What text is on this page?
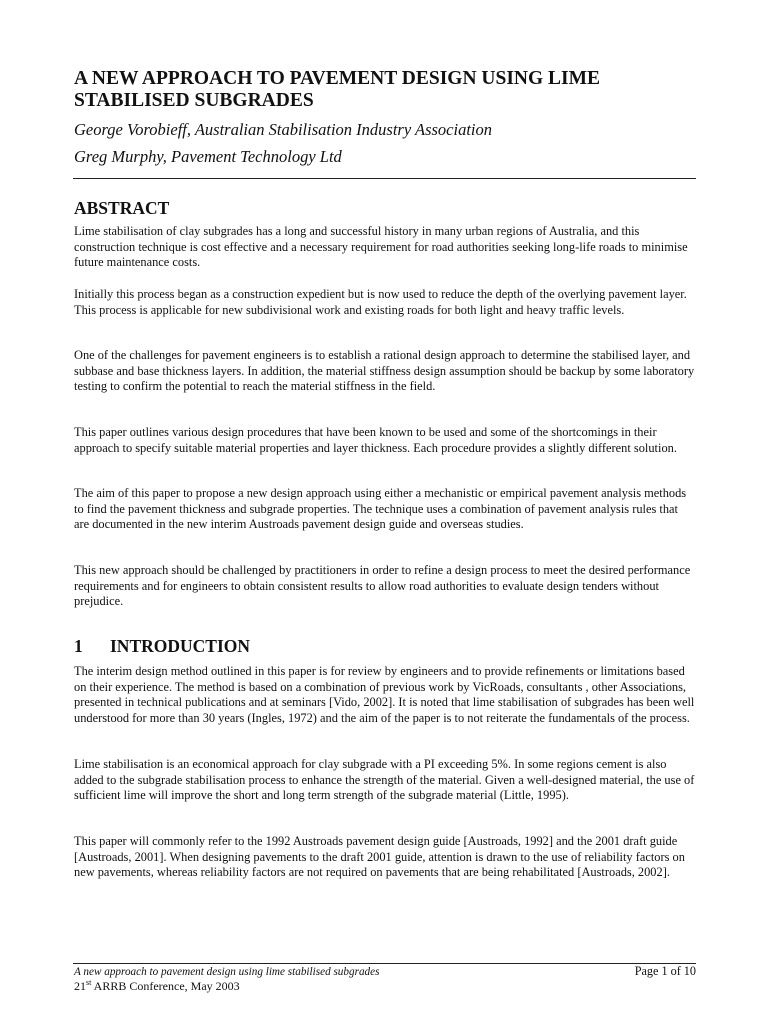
A NEW APPROACH TO PAVEMENT DESIGN USING LIME STABILISED SUBGRADES

George Vorobieff, Australian Stabilisation Industry Association

Greg Murphy, Pavement Technology Ltd

ABSTRACT

Lime stabilisation of clay subgrades has a long and successful history in many urban regions of Australia, and this construction technique is cost effective and a necessary requirement for road authorities seeking long-life roads to minimise future maintenance costs.

Initially this process began as a construction expedient but is now used to reduce the depth of the overlying pavement layer. This process is applicable for new subdivisional work and existing roads for both light and heavy traffic levels.

One of the challenges for pavement engineers is to establish a rational design approach to determine the stabilised layer, and subbase and base thickness layers. In addition, the material stiffness design assumption should be backup by some laboratory testing to confirm the potential to reach the material stiffness in the field.

This paper outlines various design procedures that have been known to be used and some of the shortcomings in their approach to specify suitable material properties and layer thickness. Each procedure provides a slightly different solution.

The aim of this paper to propose a new design approach using either a mechanistic or empirical pavement analysis methods to find the pavement thickness and subgrade properties. The technique uses a combination of pavement analysis rules that are documented in the new interim Austroads pavement design guide and overseas studies.

This new approach should be challenged by practitioners in order to refine a design process to meet the desired performance requirements and for engineers to obtain consistent results to allow road authorities to evaluate design tenders without prejudice.

1 INTRODUCTION

The interim design method outlined in this paper is for review by engineers and to provide refinements or limitations based on their experience. The method is based on a combination of previous work by VicRoads, consultants , other Associations, presented in technical publications and at seminars [Vido, 2002]. It is noted that lime stabilisation of subgrades has been well understood for more than 30 years (Ingles, 1972) and the aim of the paper is to not reiterate the fundamentals of the process.

Lime stabilisation is an economical approach for clay subgrade with a PI exceeding 5%. In some regions cement is also added to the subgrade stabilisation process to enhance the strength of the material. Given a well-designed material, the use of sufficient lime will improve the short and long term strength of the subgrade material (Little, 1995).

This paper will commonly refer to the 1992 Austroads pavement design guide [Austroads, 1992] and the 2001 draft guide [Austroads, 2001]. When designing pavements to the draft 2001 guide, attention is drawn to the use of reliability factors on new pavements, whereas reliability factors are not required on pavements that are being rehabilitated [Austroads, 2002].

A new approach to pavement design using lime stabilised subgrades	Page 1 of 10
21st ARRB Conference, May 2003
